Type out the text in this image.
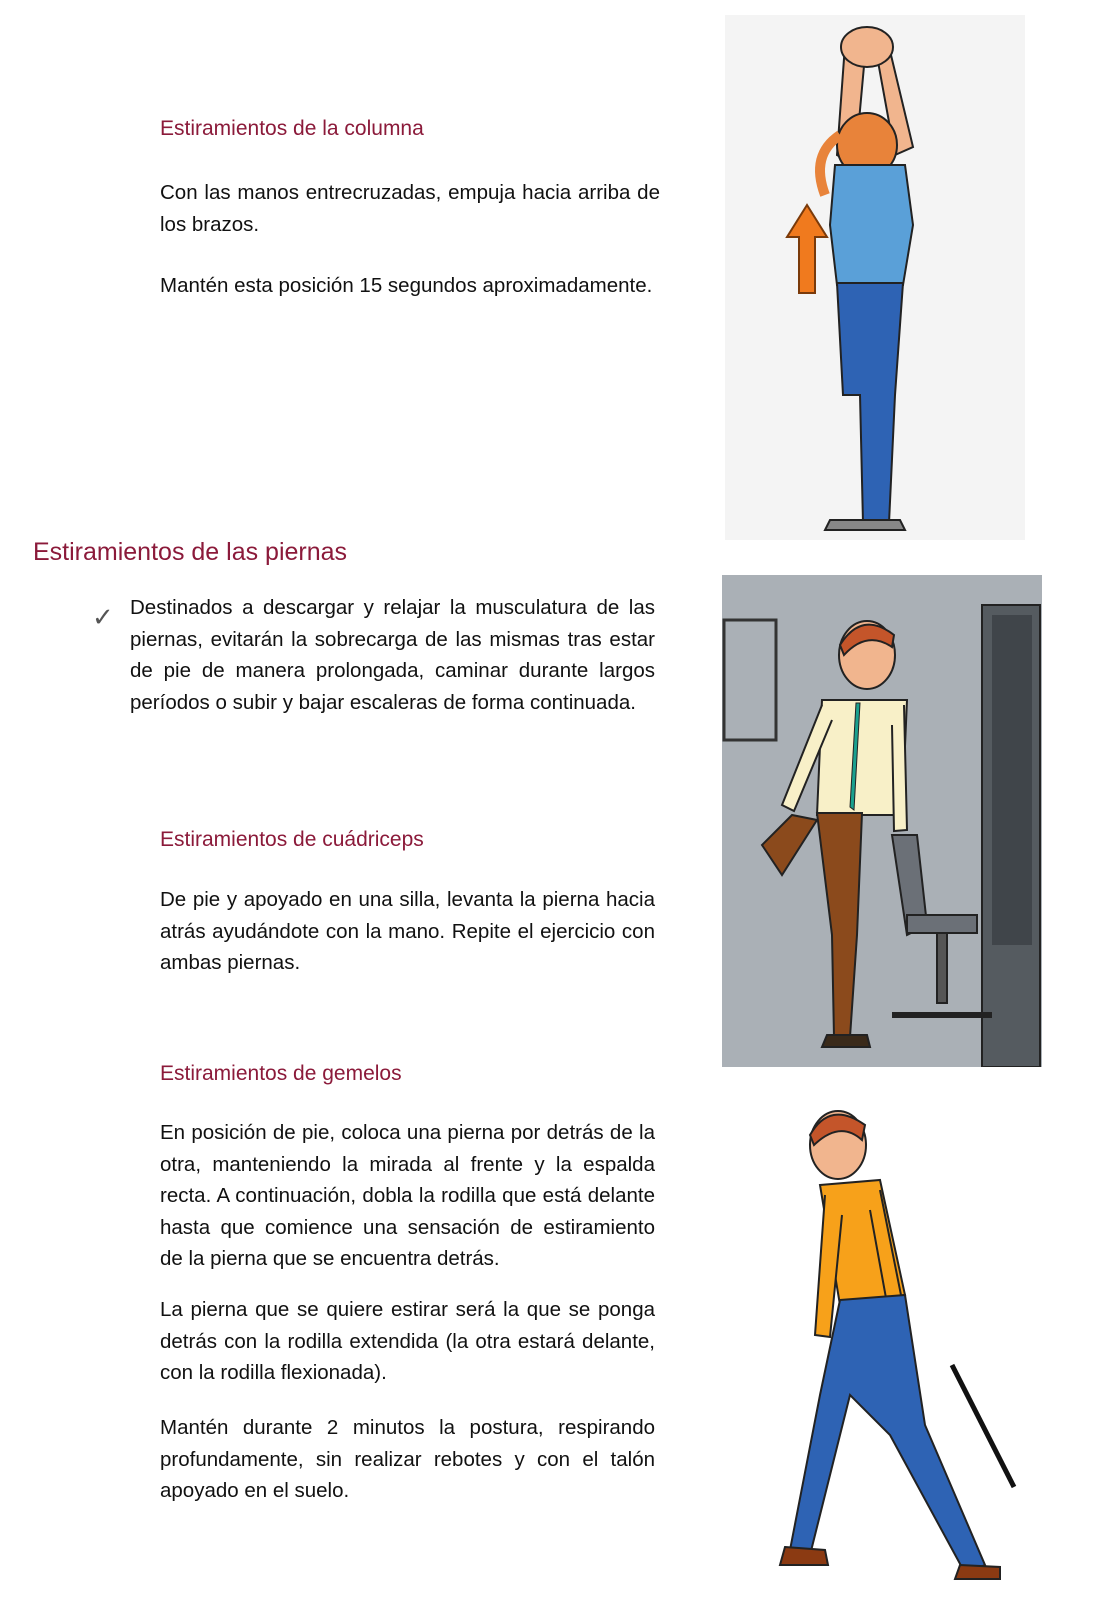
Estiramientos de la columna

Con las manos entrecruzadas, empuja hacia arriba de los brazos.

Mantén esta posición 15 segundos aproximadamente.

Estiramientos de las piernas
✓ Destinados a descargar y relajar la musculatura de las piernas, evitarán la sobrecarga de las mismas tras estar de pie de manera prolongada, caminar durante largos períodos o subir y bajar escaleras de forma continuada.

Estiramientos de cuádriceps

De pie y apoyado en una silla, levanta la pierna hacia atrás ayudándote con la mano. Repite el ejercicio con ambas piernas.

Estiramientos de gemelos

En posición de pie, coloca una pierna por detrás de la otra, manteniendo la mirada al frente y la espalda recta. A continuación, dobla la rodilla que está delante hasta que comience una sensación de estiramiento de la pierna que se encuentra detrás.

La pierna que se quiere estirar será la que se ponga detrás con la rodilla extendida (la otra estará delante, con la rodilla flexionada).

Mantén durante 2 minutos la postura, respirando profundamente, sin realizar rebotes y con el talón apoyado en el suelo.
